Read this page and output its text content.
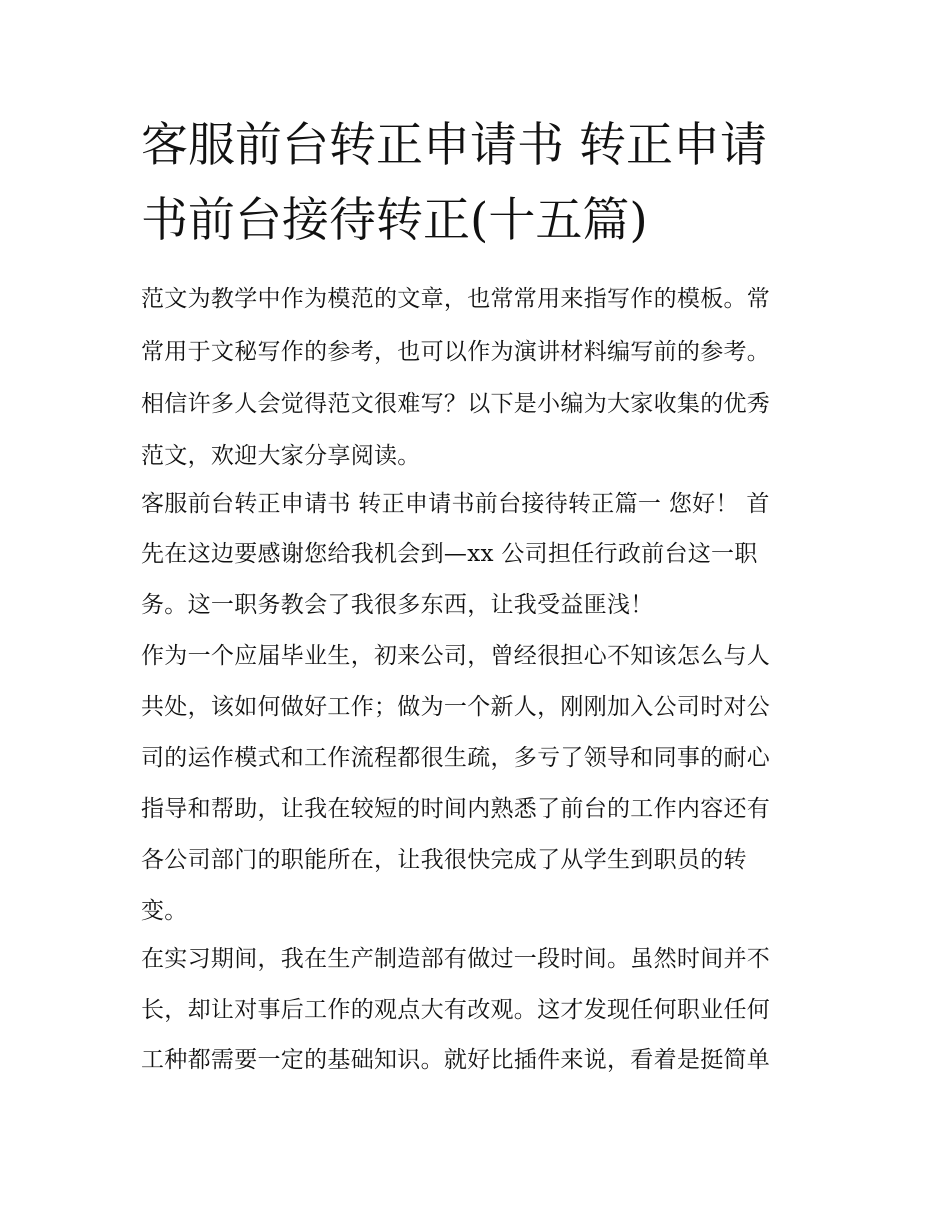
客服前台转正申请书 转正申请
书前台接待转正(十五篇)
范文为教学中作为模范的文章，也常常用来指写作的模板。常
常用于文秘写作的参考，也可以作为演讲材料编写前的参考。
相信许多人会觉得范文很难写？以下是小编为大家收集的优秀
范文，欢迎大家分享阅读。
客服前台转正申请书 转正申请书前台接待转正篇一 您好！ 首
先在这边要感谢您给我机会到—xx 公司担任行政前台这一职
务。这一职务教会了我很多东西，让我受益匪浅！
作为一个应届毕业生，初来公司，曾经很担心不知该怎么与人
共处，该如何做好工作；做为一个新人，刚刚加入公司时对公
司的运作模式和工作流程都很生疏，多亏了领导和同事的耐心
指导和帮助，让我在较短的时间内熟悉了前台的工作内容还有
各公司部门的职能所在，让我很快完成了从学生到职员的转
变。
在实习期间，我在生产制造部有做过一段时间。虽然时间并不
长，却让对事后工作的观点大有改观。这才发现任何职业任何
工种都需要一定的基础知识。就好比插件来说，看着是挺简单
